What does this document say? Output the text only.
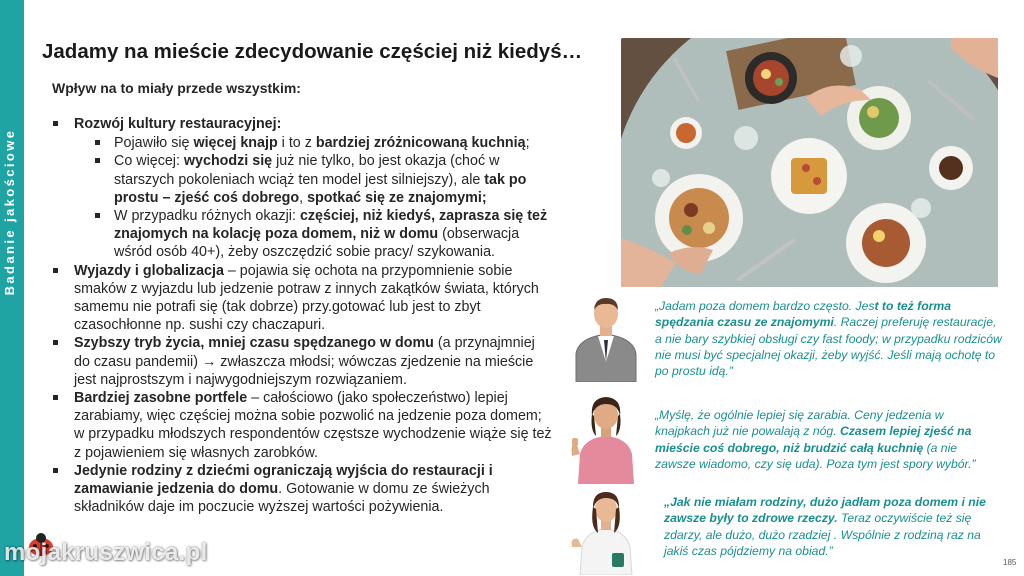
Badanie jakościowe
Jadamy na mieście zdecydowanie częściej niż kiedyś…
Wpływ na to miały przede wszystkim:
Rozwój kultury restauracyjnej:
Pojawiło się więcej knajp i to z bardziej zróżnicowaną kuchnią;
Co więcej: wychodzi się już nie tylko, bo jest okazja (choć w starszych pokoleniach wciąż ten model jest silniejszy), ale tak po prostu – zjeść coś dobrego, spotkać się ze znajomymi;
W przypadku różnych okazji: częściej, niż kiedyś, zaprasza się też znajomych na kolację poza domem, niż w domu (obserwacja wśród osób 40+), żeby oszczędzić sobie pracy/ szykowania.
Wyjazdy i globalizacja – pojawia się ochota na przypomnienie sobie smaków z wyjazdu lub jedzenie potraw z innych zakątków świata, których samemu nie potrafi się (tak dobrze) przy.gotować lub jest to zbyt czasochłonne np. sushi czy chaczapuri.
Szybszy tryb życia, mniej czasu spędzanego w domu (a przynajmniej do czasu pandemii) → zwłaszcza młodsi; wówczas zjedzenie na mieście jest najprostszym i najwygodniejszym rozwiązaniem.
Bardziej zasobne portfele – całościowo (jako społeczeństwo) lepiej zarabiamy, więc częściej można sobie pozwolić na jedzenie poza domem; w przypadku młodszych respondentów częstsze wychodzenie wiąże się też z pojawieniem się własnych zarobków.
Jedynie rodziny z dziećmi ograniczają wyjścia do restauracji i zamawianie jedzenia do domu. Gotowanie w domu ze świeżych składników daje im poczucie wyższej wartości pożywienia.
„Jadam poza domem bardzo często. Jest to też forma spędzania czasu ze znajomymi. Raczej preferuję restauracje, a nie bary szybkiej obsługi czy fast foody; w przypadku rodziców nie musi być specjalnej okazji, żeby wyjść. Jeśli mają ochotę to po prostu idą.”
„Myślę, że ogólnie lepiej się zarabia. Ceny jedzenia w knajpkach już nie powalają z nóg. Czasem lepiej zjeść na mieście coś dobrego, niż brudzić całą kuchnię (a nie zawsze wiadomo, czy się uda). Poza tym jest spory wybór.”
„Jak nie miałam rodziny, dużo jadłam poza domem i nie zawsze były to zdrowe rzeczy. Teraz oczywiście też się zdarzy, ale dużo, dużo rzadziej . Wspólnie z rodziną raz na jakiś czas pójdziemy na obiad.”
185
mojakruszwica.pl
